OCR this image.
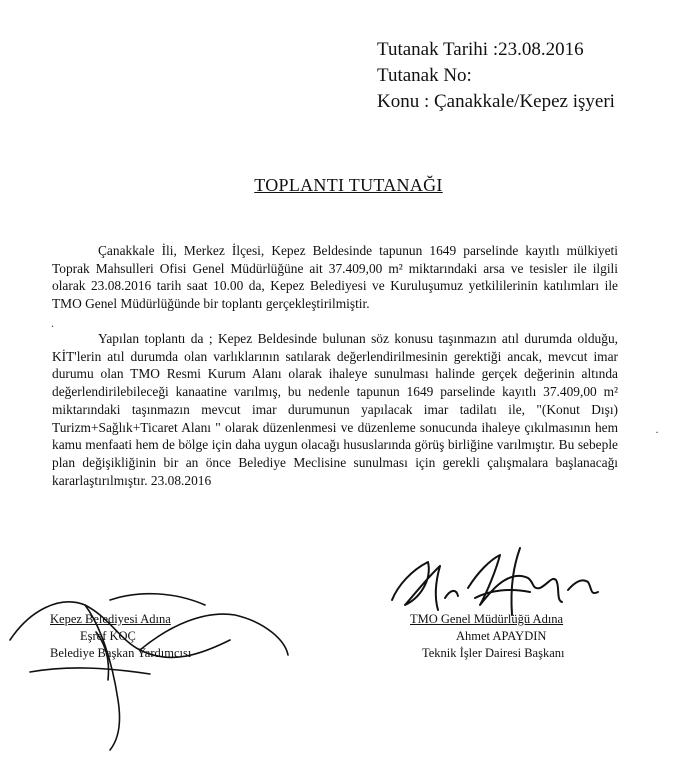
Tutanak Tarihi :23.08.2016
Tutanak No:
Konu : Çanakkale/Kepez işyeri
TOPLANTI TUTANAĞI
Çanakkale İli, Merkez İlçesi, Kepez Beldesinde tapunun 1649 parselinde kayıtlı mülkiyeti Toprak Mahsulleri Ofisi Genel Müdürlüğüne ait 37.409,00 m² miktarındaki arsa ve tesisler ile ilgili olarak 23.08.2016 tarih saat 10.00 da, Kepez Belediyesi ve Kuruluşumuz yetkililerinin katılımları ile TMO Genel Müdürlüğünde bir toplantı gerçekleştirilmiştir.
.
·
Yapılan toplantı da ; Kepez Beldesinde bulunan söz konusu taşınmazın atıl durumda olduğu, KİT'lerin atıl durumda olan varlıklarının satılarak değerlendirilmesinin gerektiği ancak, mevcut imar durumu olan TMO Resmi Kurum Alanı olarak ihaleye sunulması halinde gerçek değerinin altında değerlendirilebileceği kanaatine varılmış, bu nedenle tapunun 1649 parselinde kayıtlı 37.409,00 m² miktarındaki taşınmazın mevcut imar durumunun yapılacak imar tadilatı ile, "(Konut Dışı) Turizm+Sağlık+Ticaret Alanı " olarak düzenlenmesi ve düzenleme sonucunda ihaleye çıkılmasının hem kamu menfaati hem de bölge için daha uygun olacağı hususlarında görüş birliğine varılmıştır. Bu sebeple plan değişikliğinin bir an önce Belediye Meclisine sunulması için gerekli çalışmalara başlanacağı kararlaştırılmıştır. 23.08.2016
Kepez Belediyesi Adına
Eşref KOÇ
Belediye Başkan Yardımcısı
TMO Genel Müdürlüğü Adına
Ahmet APAYDIN
Teknik İşler Dairesi Başkanı
